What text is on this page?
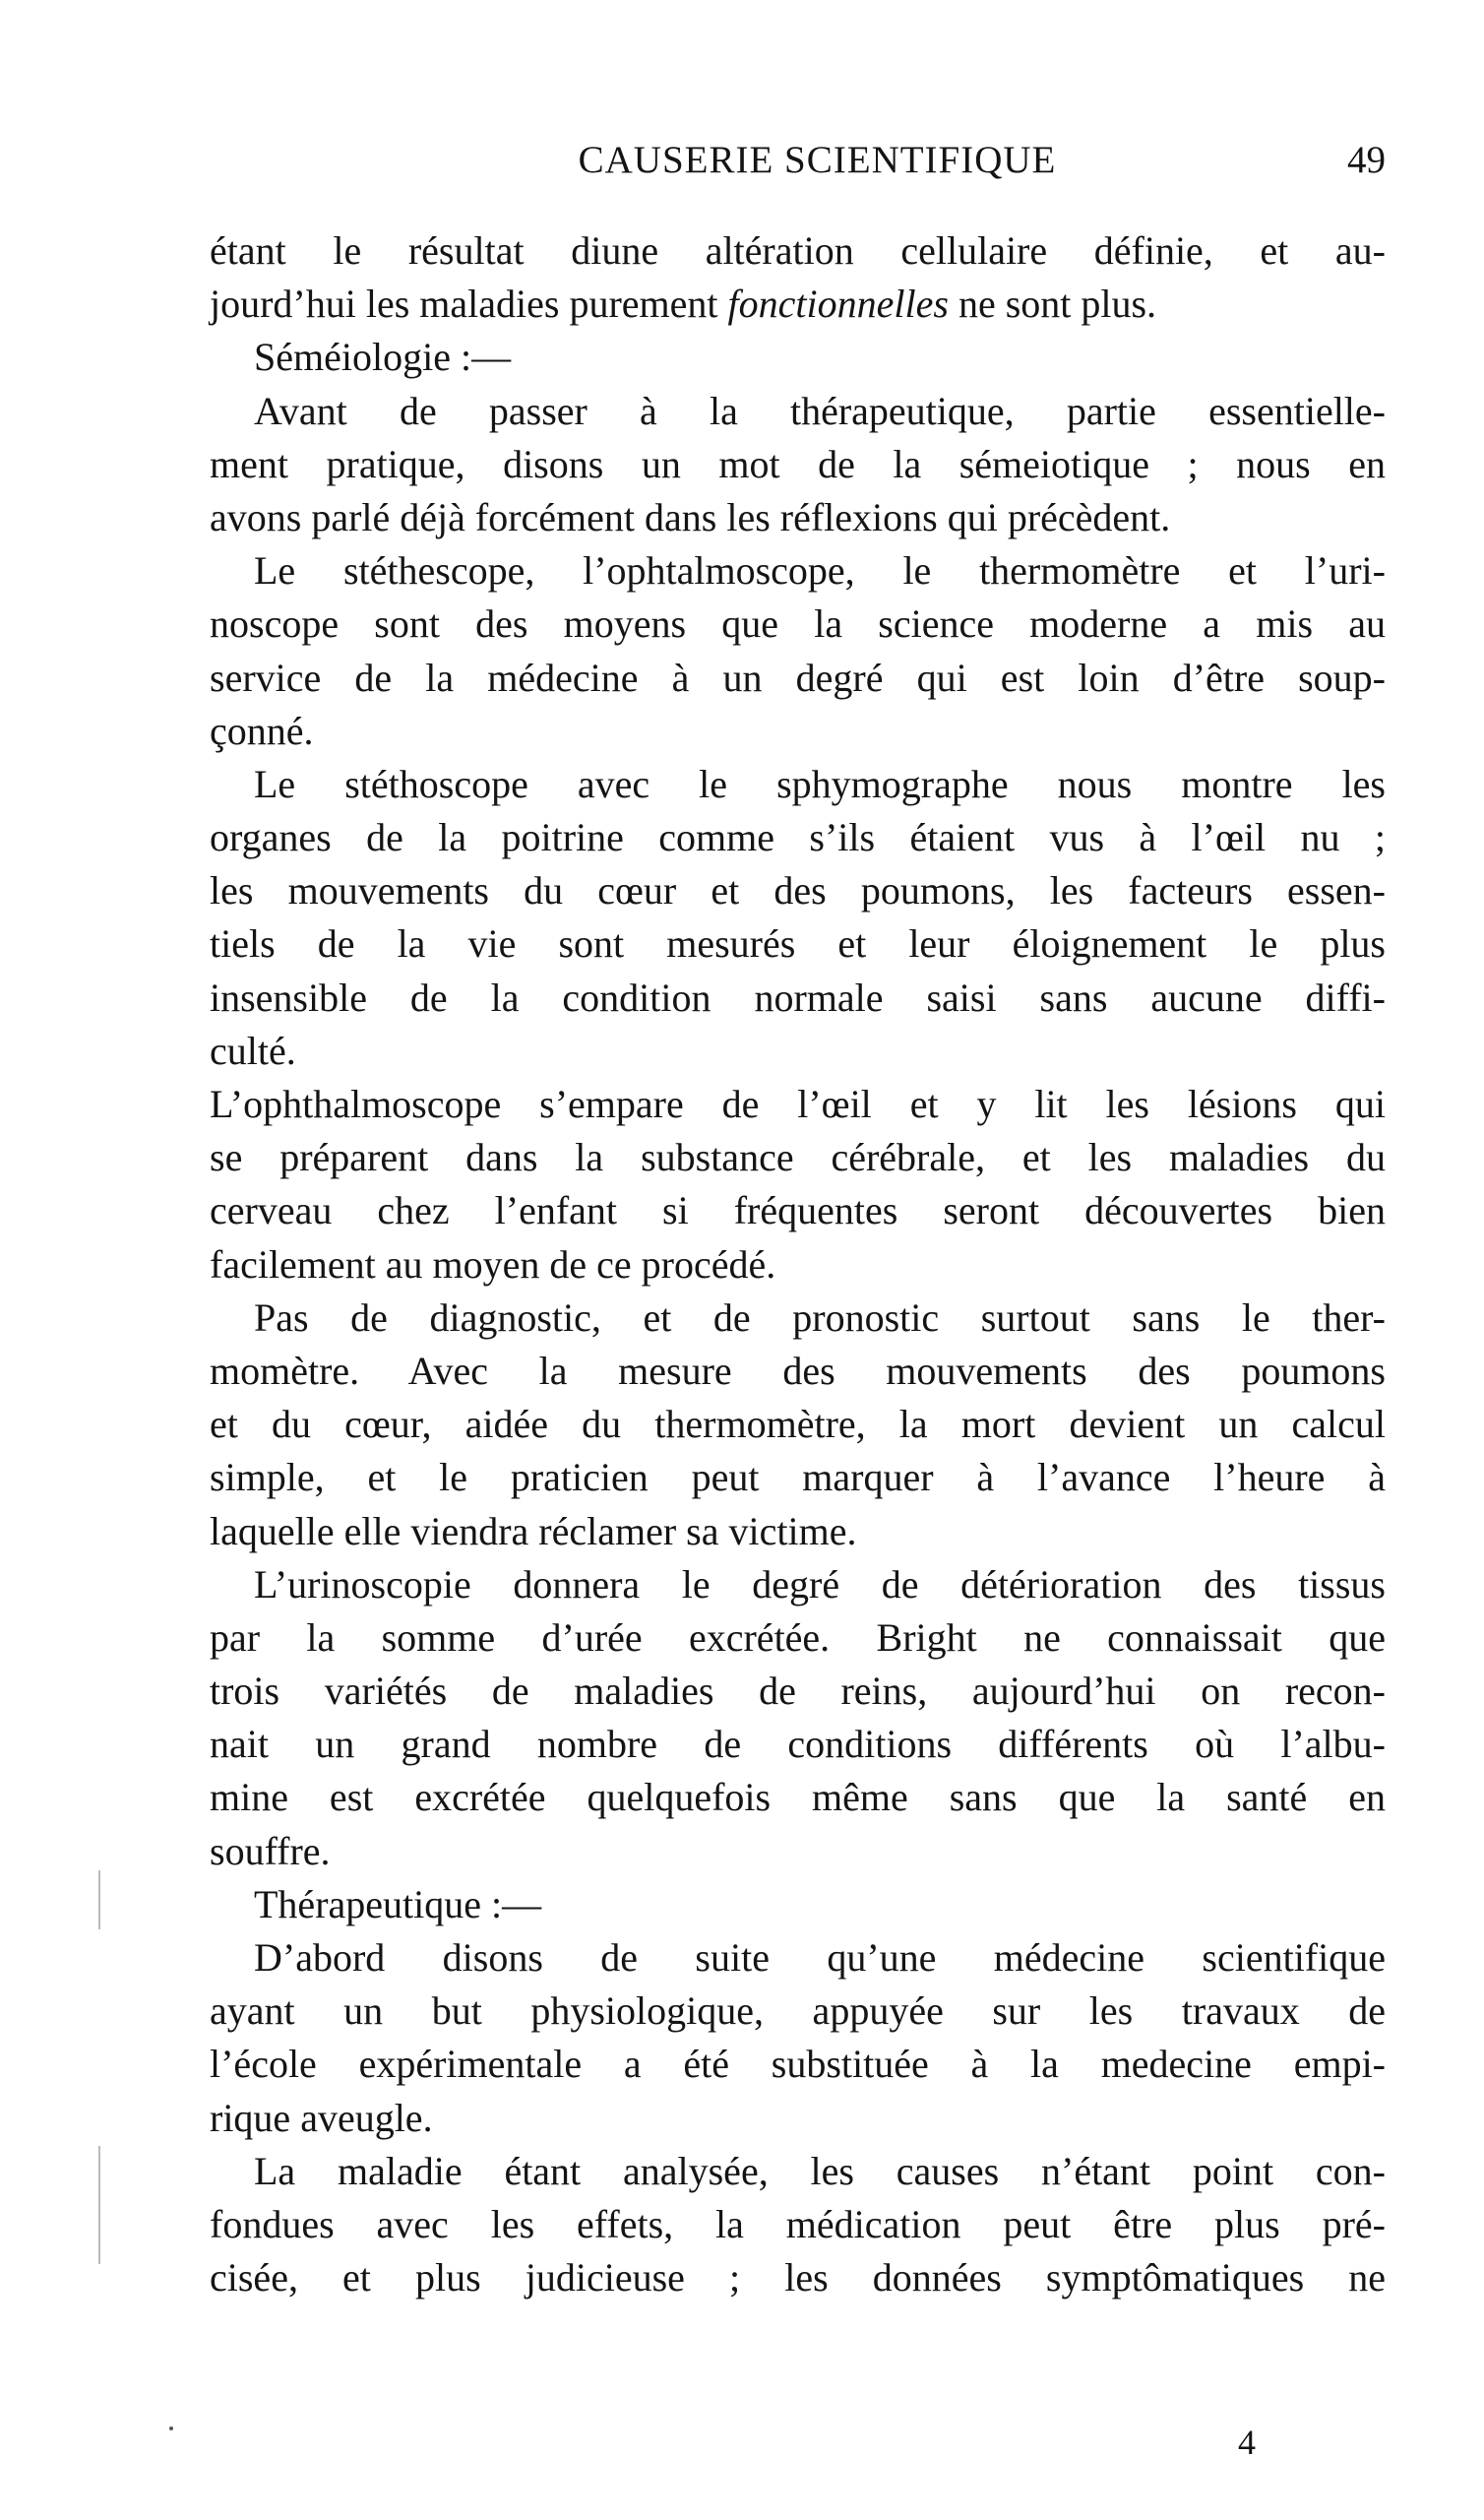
CAUSERIE SCIENTIFIQUE	49
étant le résultat diune altération cellulaire définie, et au-
jourd’hui les maladies purement fonctionnelles ne sont plus.
Séméiologie :—
Avant de passer à la thérapeutique, partie essentielle-
ment pratique, disons un mot de la sémeiotique ; nous en
avons parlé déjà forcément dans les réflexions qui précèdent.
Le stéthescope, l’ophtalmoscope, le thermomètre et l’uri-
noscope sont des moyens que la science moderne a mis au
service de la médecine à un degré qui est loin d’être soup-
çonné.
Le stéthoscope avec le sphymographe nous montre les
organes de la poitrine comme s’ils étaient vus à l’œil nu ;
les mouvements du cœur et des poumons, les facteurs essen-
tiels de la vie sont mesurés et leur éloignement le plus
insensible de la condition normale saisi sans aucune diffi-
culté.
L’ophthalmoscope s’empare de l’œil et y lit les lésions qui
se préparent dans la substance cérébrale, et les maladies du
cerveau chez l’enfant si fréquentes seront découvertes bien
facilement au moyen de ce procédé.
Pas de diagnostic, et de pronostic surtout sans le ther-
momètre. Avec la mesure des mouvements des poumons
et du cœur, aidée du thermomètre, la mort devient un calcul
simple, et le praticien peut marquer à l’avance l’heure à
laquelle elle viendra réclamer sa victime.
L’urinoscopie donnera le degré de détérioration des tissus
par la somme d’urée excrétée. Bright ne connaissait que
trois variétés de maladies de reins, aujourd’hui on recon-
nait un grand nombre de conditions différents où l’albu-
mine est excrétée quelquefois même sans que la santé en
souffre.
Thérapeutique :—
D’abord disons de suite qu’une médecine scientifique
ayant un but physiologique, appuyée sur les travaux de
l’école expérimentale a été substituée à la medecine empi-
rique aveugle.
La maladie étant analysée, les causes n’étant point con-
fondues avec les effets, la médication peut être plus pré-
cisée, et plus judicieuse ; les données symptômatiques ne
4
